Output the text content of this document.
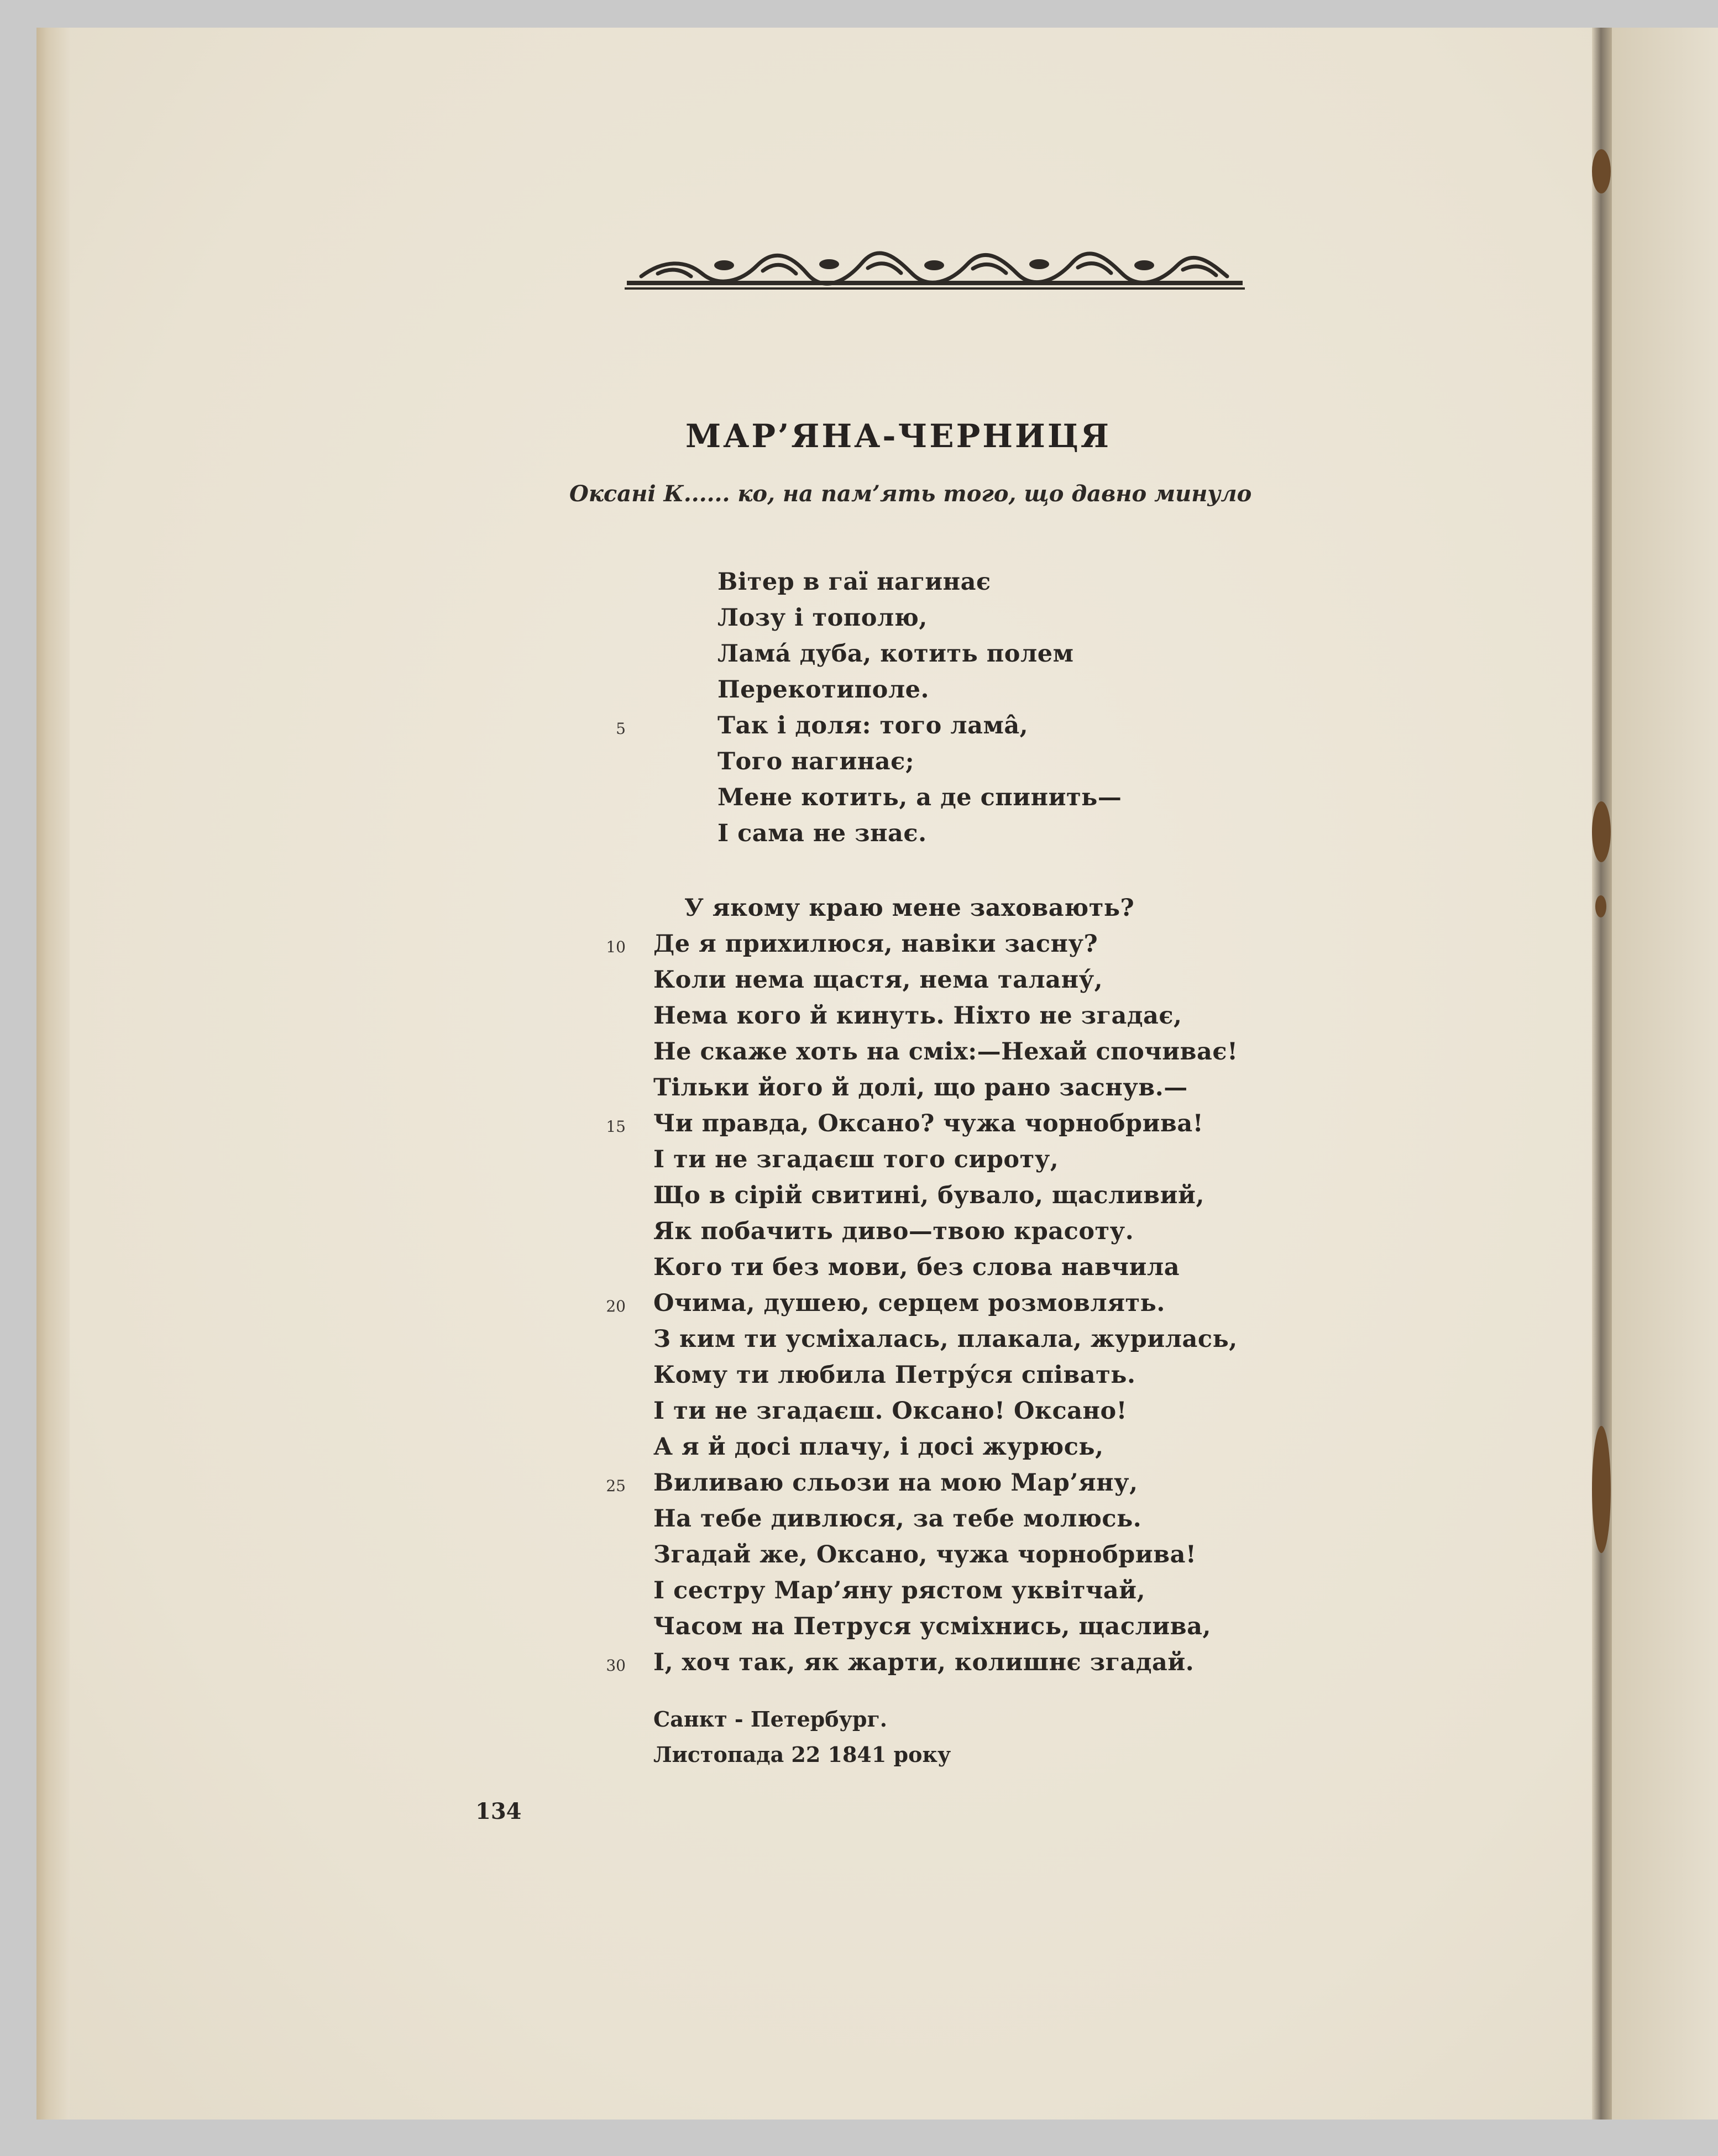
МАР’ЯНА-ЧЕРНИЦЯ
Оксані К...... ко, на пам’ять того, що давно минуло
Вітер в гаї нагинає
Лозу і тополю,
Ламá дуба, котить полем
Перекотиполе.
Так і доля: того ламâ,
Того нагинає;
Мене котить, а де спинить—
І сама не знає.
У якому краю мене заховають?
Де я прихилюся, навіки засну?
Коли нема щастя, нема талану́,
Нема кого й кинуть. Ніхто не згадає,
Не скаже хоть на сміх:—Нехай спочиває!
Тільки його й долі, що рано заснув.—
Чи правда, Оксано? чужа чорнобрива!
І ти не згадаєш того сироту,
Що в сірій свитині, бувало, щасливий,
Як побачить диво—твою красоту.
Кого ти без мови, без слова навчила
Очима, душею, серцем розмовлять.
З ким ти усміхалась, плакала, журилась,
Кому ти любила Петру́ся співать.
І ти не згадаєш. Оксано! Оксано!
А я й досі плачу, і досі журюсь,
Виливаю сльози на мою Мар’яну,
На тебе дивлюся, за тебе молюсь.
Згадай же, Оксано, чужа чорнобрива!
І сестру Мар’яну рястом уквітчай,
Часом на Петруся усміхнись, щаслива,
І, хоч так, як жарти, колишнє згадай.
5
10
15
20
25
30
Санкт - Петербург.
Листопада 22 1841 року
134
